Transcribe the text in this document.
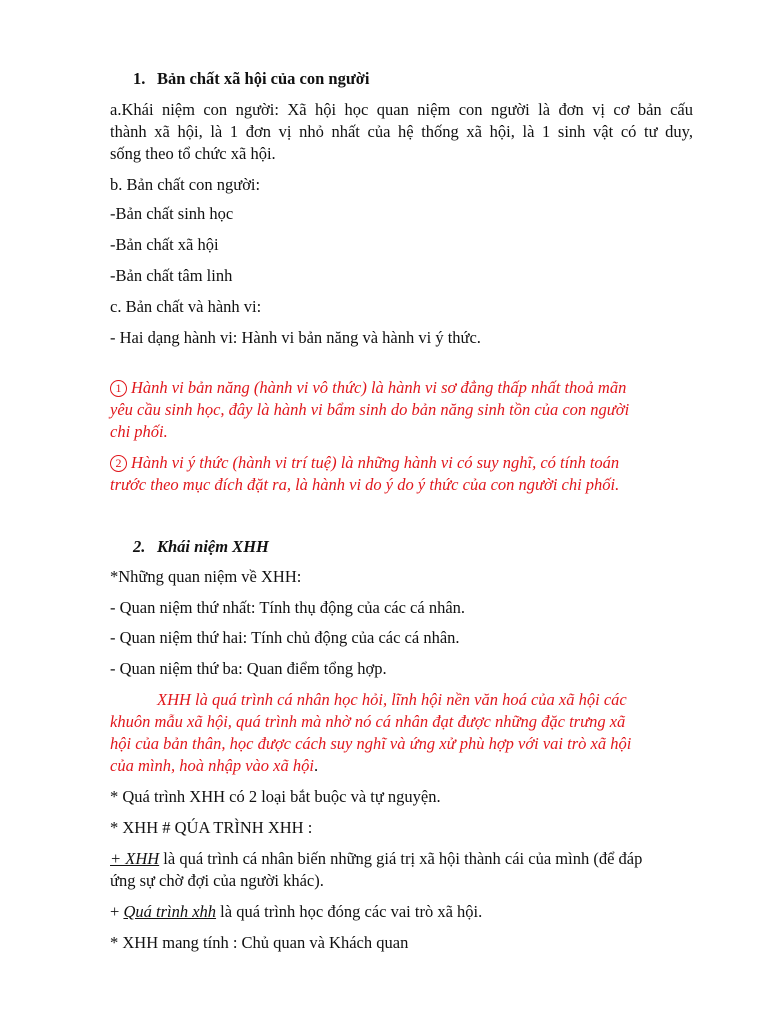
1. Bản chất xã hội của con người
a.Khái niệm con người: Xã hội học quan niệm con người là đơn vị cơ bản cấu
thành xã hội, là 1 đơn vị nhỏ nhất của hệ thống xã hội, là 1 sinh vật có tư duy,
sống theo tổ chức xã hội.
b. Bản chất con người:
-Bản chất sinh học
-Bản chất xã hội
-Bản chất tâm linh
c. Bản chất và hành vi:
- Hai dạng hành vi: Hành vi bản năng và hành vi ý thức.
1 Hành vi bản năng (hành vi vô thức) là hành vi sơ đẳng thấp nhất thoả mãn
yêu cầu sinh học, đây là hành vi bẩm sinh do bản năng sinh tồn của con người
chi phối.
2 Hành vi ý thức (hành vi trí tuệ) là những hành vi có suy nghĩ, có tính toán
trước theo mục đích đặt ra, là hành vi do ý do ý thức của con người chi phối.
2. Khái niệm XHH
*Những quan niệm về XHH:
- Quan niệm thứ nhất: Tính thụ động của các cá nhân.
- Quan niệm thứ hai: Tính chủ động của các cá nhân.
- Quan niệm thứ ba: Quan điểm tổng hợp.
XHH là quá trình cá nhân học hỏi, lĩnh hội nền văn hoá của xã hội các
khuôn mẫu xã hội, quá trình mà nhờ nó cá nhân đạt được những đặc trưng xã
hội của bản thân, học được cách suy nghĩ và ứng xử phù hợp với vai trò xã hội
của mình, hoà nhập vào xã hội.
* Quá trình XHH có 2 loại bắt buộc và tự nguyện.
* XHH # QÚA TRÌNH XHH :
+ XHH là quá trình cá nhân biến những giá trị xã hội thành cái của mình (để đáp
ứng sự chờ đợi của người khác).
+ Quá trình xhh là quá trình học đóng các vai trò xã hội.
* XHH mang tính : Chủ quan và Khách quan
